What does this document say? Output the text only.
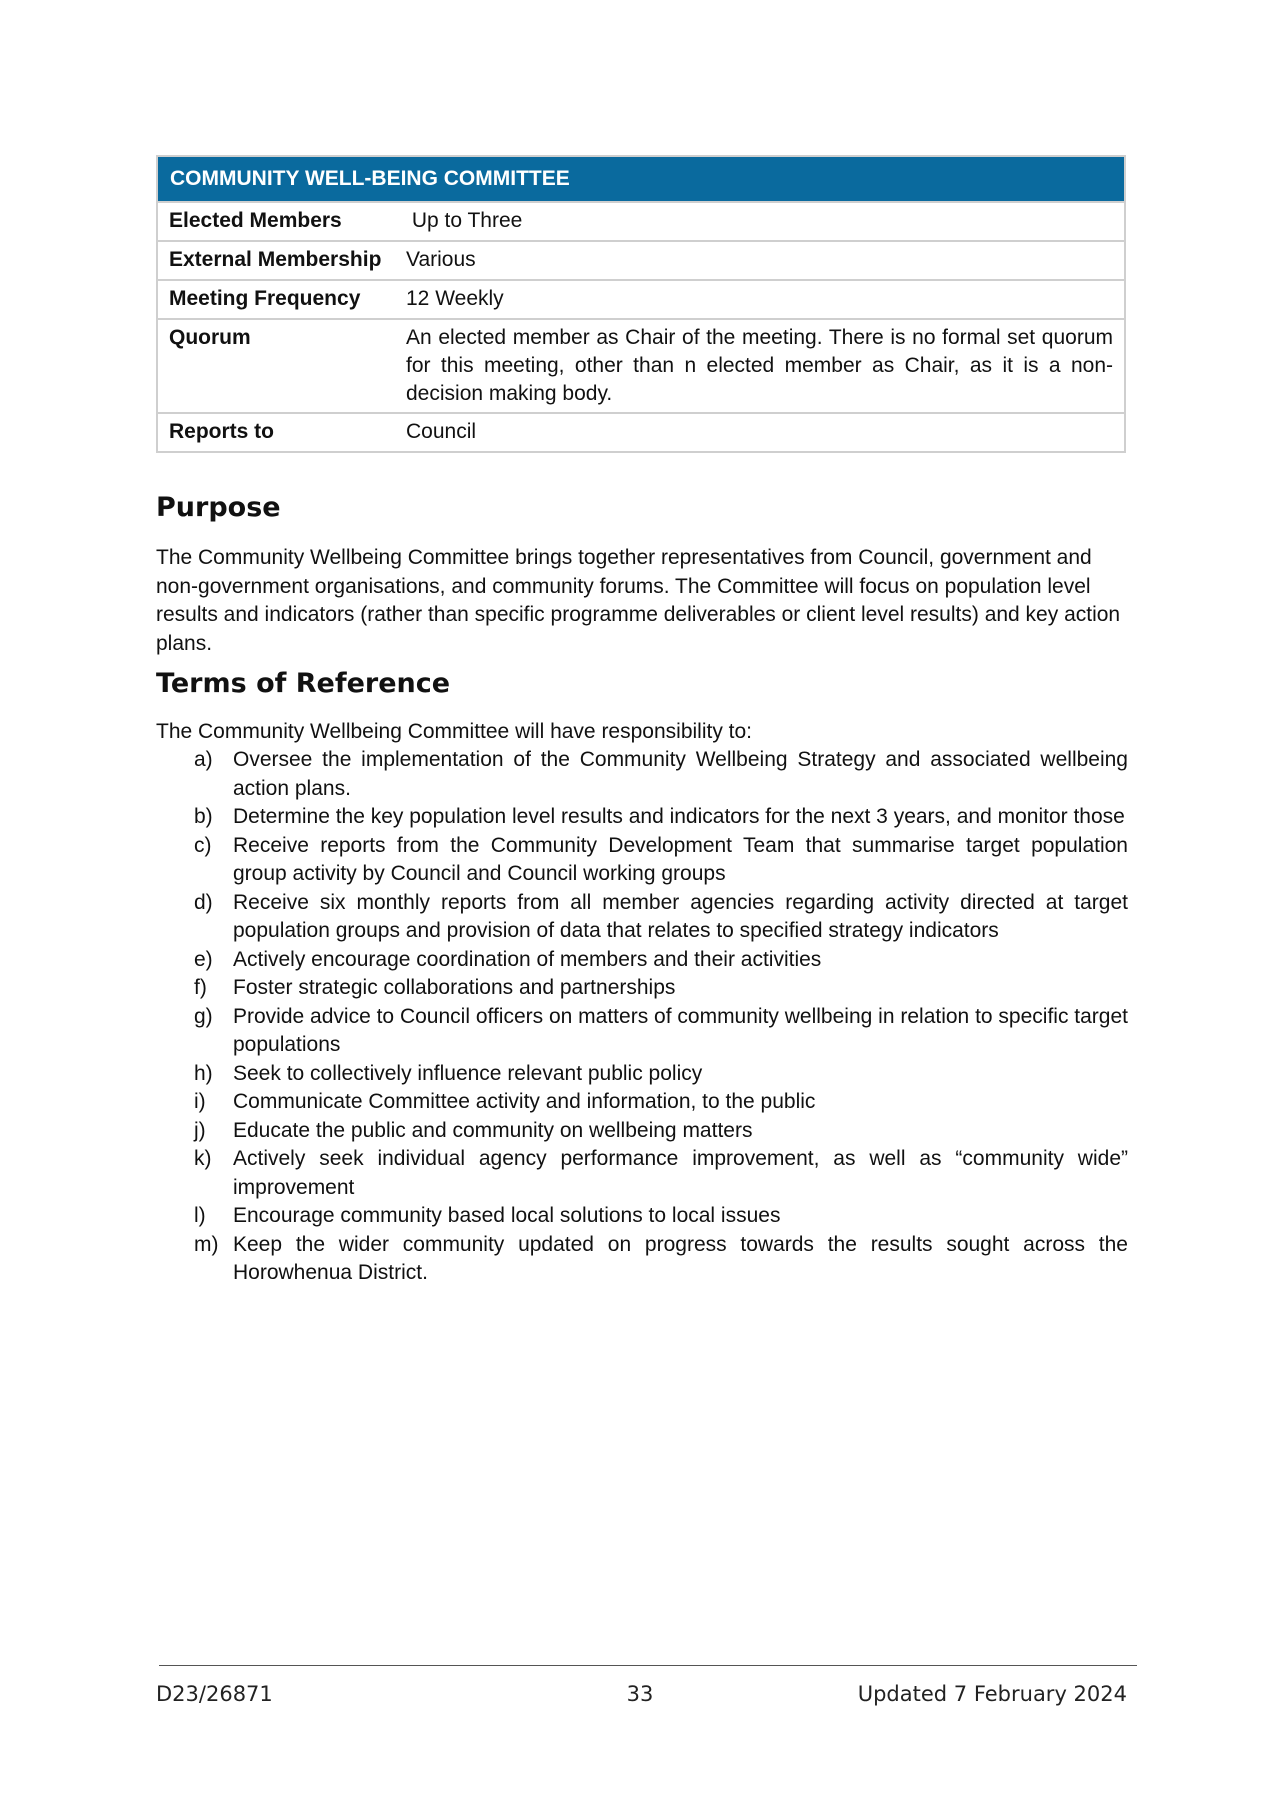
COMMUNITY WELL-BEING COMMITTEE	
Elected Members	Up to Three
External Membership	Various
Meeting Frequency	12 Weekly
Quorum	An elected member as Chair of the meeting. There is no formal set quorum for this meeting, other than n elected member as Chair, as it is a non-decision making body.
Reports to	Council
Purpose

The Community Wellbeing Committee brings together representatives from Council, government and non-government organisations, and community forums. The Committee will focus on population level results and indicators (rather than specific programme deliverables or client level results) and key action plans.

Terms of Reference

The Community Wellbeing Committee will have responsibility to:

a) Oversee the implementation of the Community Wellbeing Strategy and associated wellbeing action plans.
b) Determine the key population level results and indicators for the next 3 years, and monitor those
c) Receive reports from the Community Development Team that summarise target population group activity by Council and Council working groups
d) Receive six monthly reports from all member agencies regarding activity directed at target population groups and provision of data that relates to specified strategy indicators
e) Actively encourage coordination of members and their activities
f) Foster strategic collaborations and partnerships
g) Provide advice to Council officers on matters of community wellbeing in relation to specific target populations
h) Seek to collectively influence relevant public policy
i) Communicate Committee activity and information, to the public
j) Educate the public and community on wellbeing matters
k) Actively seek individual agency performance improvement, as well as “community wide” improvement
l) Encourage community based local solutions to local issues
m) Keep the wider community updated on progress towards the results sought across the Horowhenua District.
D23/26871	33	Updated 7 February 2024
